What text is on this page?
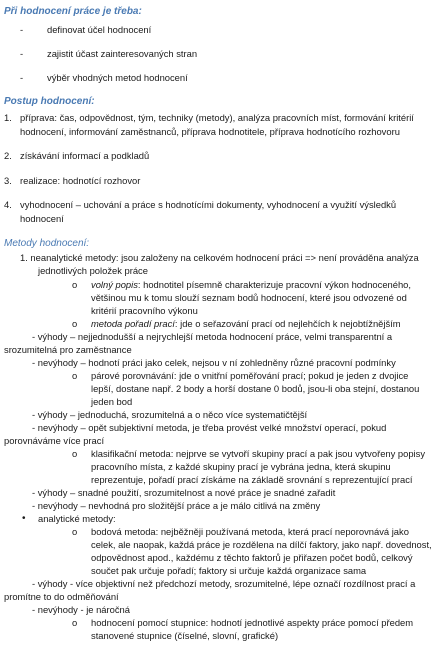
Při hodnocení práce je třeba:
-	definovat účel hodnocení
-	zajistit účast zainteresovaných stran
-	výběr vhodných metod hodnocení
Postup hodnocení:
1. příprava: čas, odpovědnost, tým, techniky (metody), analýza pracovních míst, formování kritérií
hodnocení, informování zaměstnanců, příprava hodnotitele, příprava hodnotícího rozhovoru
2. získávání informací a podkladů
3. realizace: hodnotící rozhovor
4. vyhodnocení – uchování a práce s hodnotícími dokumenty, vyhodnocení a využití výsledků
hodnocení
Metody hodnocení:
1. neanalytické metody: jsou založeny na celkovém hodnocení práci => není prováděna analýza
jednotlivých položek práce
o volný popis: hodnotitel písemně charakterizuje pracovní výkon hodnoceného,
většinou mu k tomu slouží seznam bodů hodnocení, které jsou odvozené od
kritérií pracovního výkonu
o metoda pořadí prací: jde o seřazování prací od nejlehčích k nejobtížnějším
- výhody – nejjednodušší a nejrychlejší metoda hodnocení práce, velmi transparentní a
srozumitelná pro zaměstnance
- nevýhody – hodnotí práci jako celek, nejsou v ní zohledněny různé pracovní podmínky
o párové porovnávání: jde o vnitřní poměřování prací; pokud je jeden z dvojice
lepší, dostane např. 2 body a horší dostane 0 bodů, jsou-li oba stejní, dostanou
jeden bod
- výhody – jednoduchá, srozumitelná a o něco více systematičtější
- nevýhody – opět subjektivní metoda, je třeba provést velké množství operací, pokud
porovnáváme více prací
o klasifikační metoda: nejprve se vytvoří skupiny prací a pak jsou vytvořeny popisy
pracovního místa, z každé skupiny prací je vybrána jedna, která skupinu
reprezentuje, pořadí prací získáme na základě srovnání s reprezentující prací
- výhody – snadné použití, srozumitelnost a nové práce je snadné zařadit
- nevýhody – nevhodná pro složitější práce a je málo citlivá na změny
• analytické metody:
o bodová metoda: nejběžněji používaná metoda, která prací neporovnává jako
celek, ale naopak, každá práce je rozdělena na dílčí faktory, jako např. dovednost,
odpovědnost apod., každému z těchto faktorů je přiřazen počet bodů, celkový
součet pak určuje pořadí; faktory si určuje každá organizace sama
- výhody - více objektivní než předchozí metody, srozumitelné, lépe označí rozdílnost prací a
promítne to do odměňování
- nevýhody - je náročná
o hodnocení pomocí stupnice: hodnotí jednotlivé aspekty práce pomocí předem
stanovené stupnice (číselné, slovní, grafické)
